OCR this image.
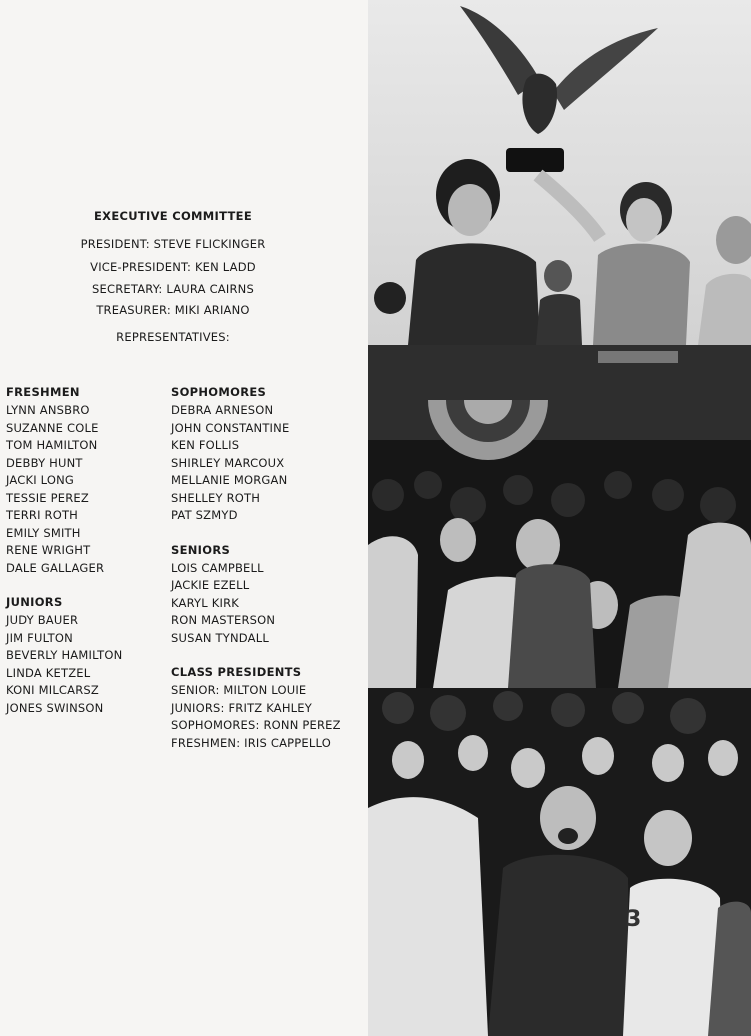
EXECUTIVE COMMITTEE
PRESIDENT: STEVE FLICKINGER
VICE-PRESIDENT: KEN LADD
SECRETARY: LAURA CAIRNS
TREASURER: MIKI ARIANO
REPRESENTATIVES:
FRESHMEN
LYNN ANSBRO
SUZANNE COLE
TOM HAMILTON
DEBBY HUNT
JACKI LONG
TESSIE PEREZ
TERRI ROTH
EMILY SMITH
RENE WRIGHT
DALE GALLAGER
JUNIORS
JUDY BAUER
JIM FULTON
BEVERLY HAMILTON
LINDA KETZEL
KONI MILCARSZ
JONES SWINSON
SOPHOMORES
DEBRA ARNESON
JOHN CONSTANTINE
KEN FOLLIS
SHIRLEY MARCOUX
MELLANIE MORGAN
SHELLEY ROTH
PAT SZMYD
SENIORS
LOIS CAMPBELL
JACKIE EZELL
KARYL KIRK
RON MASTERSON
SUSAN TYNDALL
CLASS PRESIDENTS
SENIOR: MILTON LOUIE
JUNIORS: FRITZ KAHLEY
SOPHOMORES: RONN PEREZ
FRESHMEN: IRIS CAPPELLO
3
